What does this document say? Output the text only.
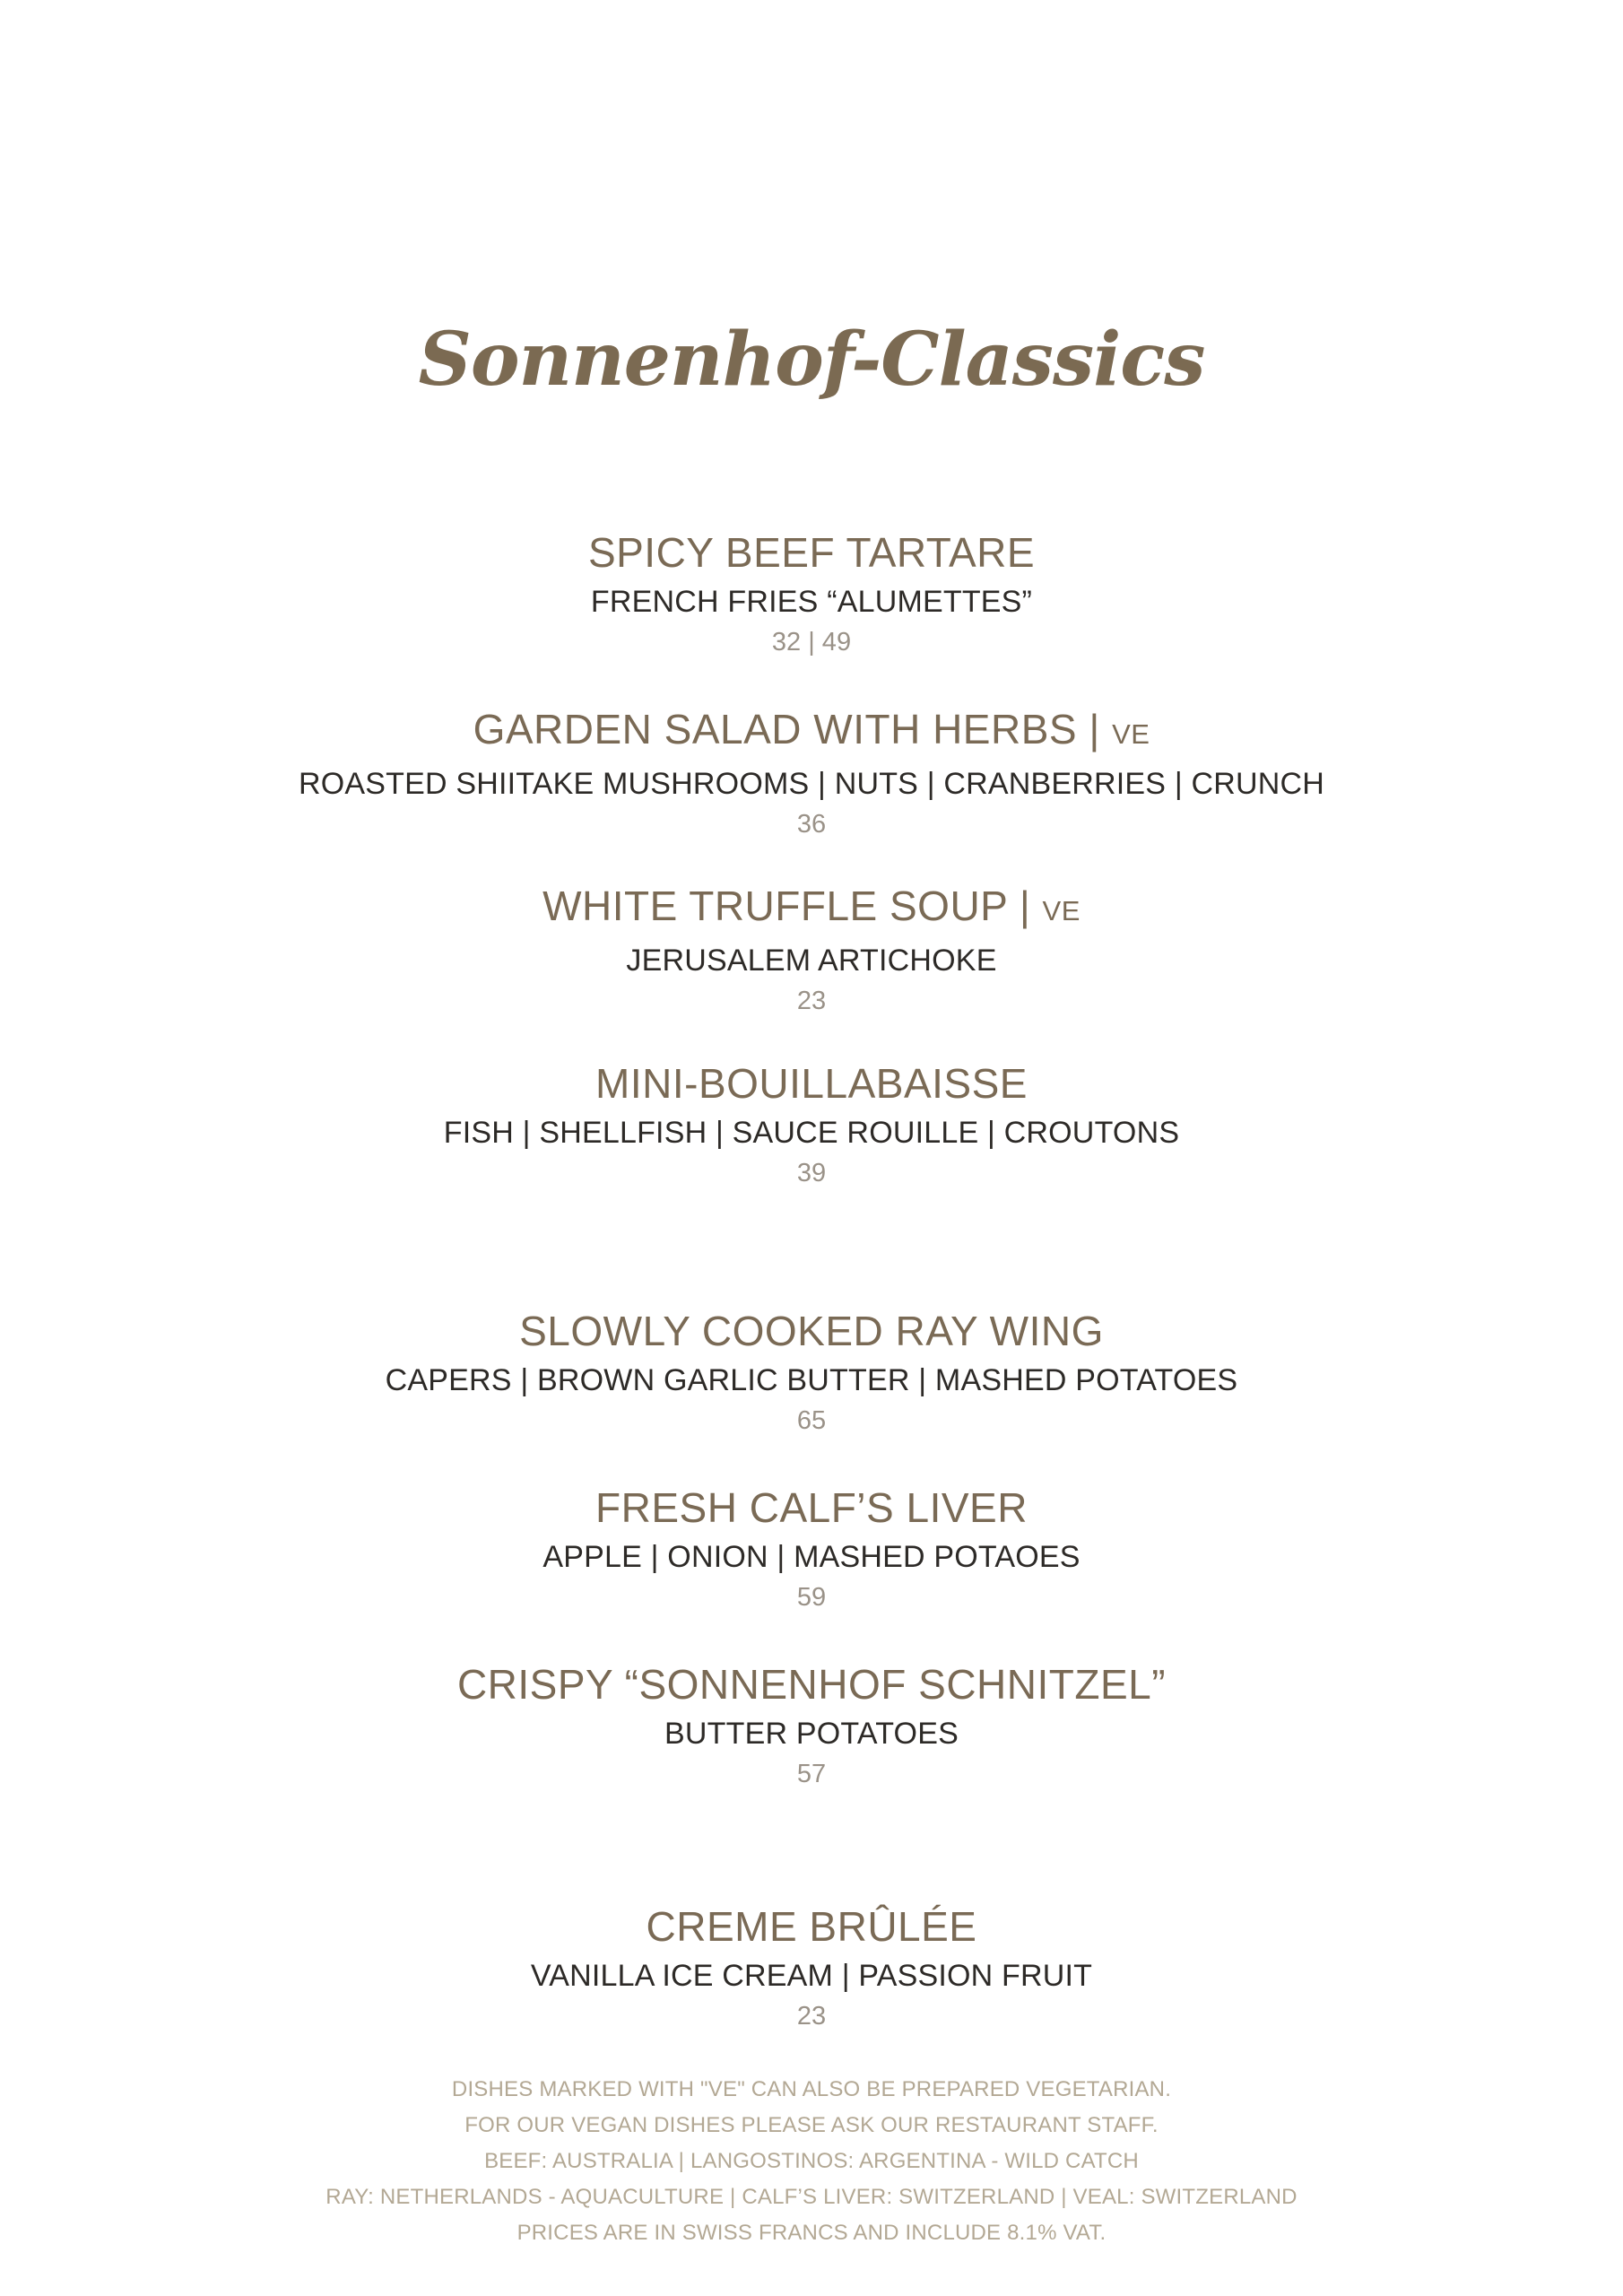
Sonnenhof-Classics
SPICY BEEF TARTARE

FRENCH FRIES “ALUMETTES”

32 | 49

GARDEN SALAD WITH HERBS | VE

ROASTED SHIITAKE MUSHROOMS | NUTS | CRANBERRIES | CRUNCH

36

WHITE TRUFFLE SOUP | VE

JERUSALEM ARTICHOKE

23

MINI-BOUILLABAISSE

FISH | SHELLFISH | SAUCE ROUILLE | CROUTONS

39

SLOWLY COOKED RAY WING

CAPERS | BROWN GARLIC BUTTER | MASHED POTATOES

65

FRESH CALF’S LIVER

APPLE | ONION | MASHED POTAOES

59

CRISPY “SONNENHOF SCHNITZEL”

BUTTER POTATOES

57

CREME BRÛLÉE

VANILLA ICE CREAM | PASSION FRUIT

23

DISHES MARKED WITH "VE" CAN ALSO BE PREPARED VEGETARIAN.

FOR OUR VEGAN DISHES PLEASE ASK OUR RESTAURANT STAFF.

BEEF: AUSTRALIA | LANGOSTINOS: ARGENTINA - WILD CATCH

RAY: NETHERLANDS - AQUACULTURE | CALF’S LIVER: SWITZERLAND | VEAL: SWITZERLAND

PRICES ARE IN SWISS FRANCS AND INCLUDE 8.1% VAT.
